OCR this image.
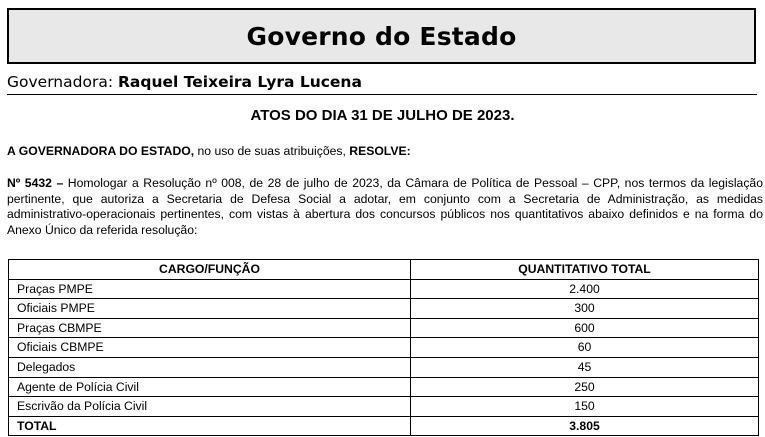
Governo do Estado
Governadora: Raquel Teixeira Lyra Lucena
ATOS DO DIA 31 DE JULHO DE 2023.
A GOVERNADORA DO ESTADO, no uso de suas atribuições, RESOLVE:
Nº 5432 – Homologar a Resolução nº 008, de 28 de julho de 2023, da Câmara de Política de Pessoal – CPP, nos termos da legislação pertinente, que autoriza a Secretaria de Defesa Social a adotar, em conjunto com a Secretaria de Administração, as medidas administrativo-operacionais pertinentes, com vistas à abertura dos concursos públicos nos quantitativos abaixo definidos e na forma do Anexo Único da referida resolução:
CARGO/FUNÇÃO	QUANTITATIVO TOTAL
Praças PMPE	2.400
Oficiais PMPE	300
Praças CBMPE	600
Oficiais CBMPE	60
Delegados	45
Agente de Polícia Civil	250
Escrivão da Polícia Civil	150
TOTAL	3.805
